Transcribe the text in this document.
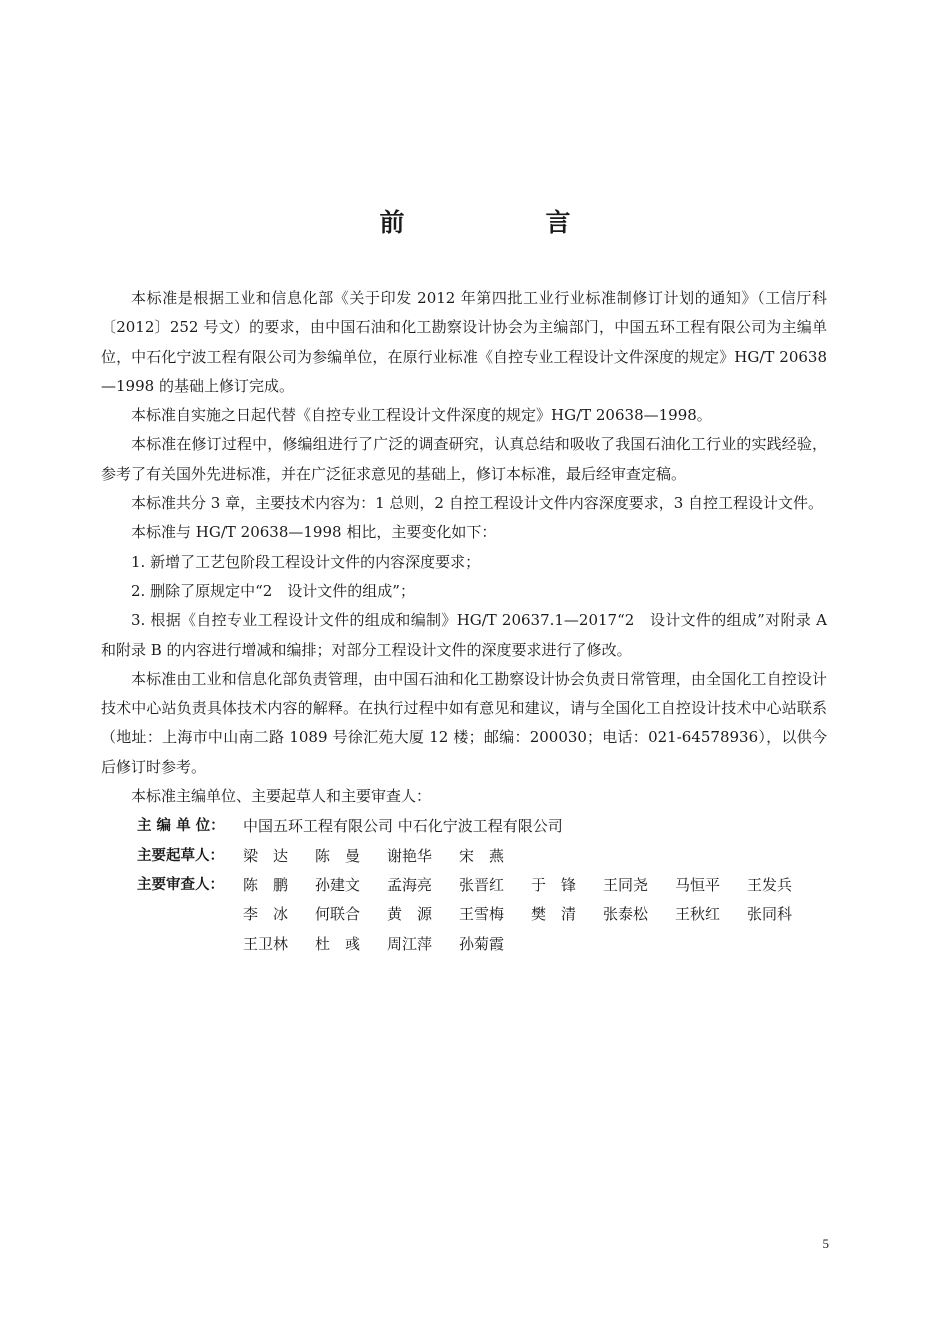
前　言

本标准是根据工业和信息化部《关于印发 2012 年第四批工业行业标准制修订计划的通知》（工信厅科〔2012〕252 号文）的要求，由中国石油和化工勘察设计协会为主编部门，中国五环工程有限公司为主编单位，中石化宁波工程有限公司为参编单位，在原行业标准《自控专业工程设计文件深度的规定》HG/T 20638—1998 的基础上修订完成。

本标准自实施之日起代替《自控专业工程设计文件深度的规定》HG/T 20638—1998。

本标准在修订过程中，修编组进行了广泛的调查研究，认真总结和吸收了我国石油化工行业的实践经验，参考了有关国外先进标准，并在广泛征求意见的基础上，修订本标准，最后经审查定稿。

本标准共分 3 章，主要技术内容为：1 总则，2 自控工程设计文件内容深度要求，3 自控工程设计文件。

本标准与 HG/T 20638—1998 相比，主要变化如下：

1. 新增了工艺包阶段工程设计文件的内容深度要求；

2. 删除了原规定中“2　设计文件的组成”；

3. 根据《自控专业工程设计文件的组成和编制》HG/T 20637.1—2017“2　设计文件的组成”对附录 A 和附录 B 的内容进行增减和编排；对部分工程设计文件的深度要求进行了修改。

本标准由工业和信息化部负责管理，由中国石油和化工勘察设计协会负责日常管理，由全国化工自控设计技术中心站负责具体技术内容的解释。在执行过程中如有意见和建议，请与全国化工自控设计技术中心站联系（地址：上海市中山南二路 1089 号徐汇苑大厦 12 楼；邮编：200030；电话：021-64578936），以供今后修订时参考。

本标准主编单位、主要起草人和主要审查人：

主 编 单 位：	中国五环工程有限公司 中石化宁波工程有限公司
主要起草人：	梁　达 陈　曼 谢艳华 宋　燕
主要审查人：	陈　鹏 孙建文 孟海亮 张晋红 于　锋 王同尧 马恒平 王发兵
李　冰 何联合 黄　源 王雪梅 樊　清 张泰松 王秋红 张同科
王卫林 杜　彧 周江萍 孙菊霞
5
